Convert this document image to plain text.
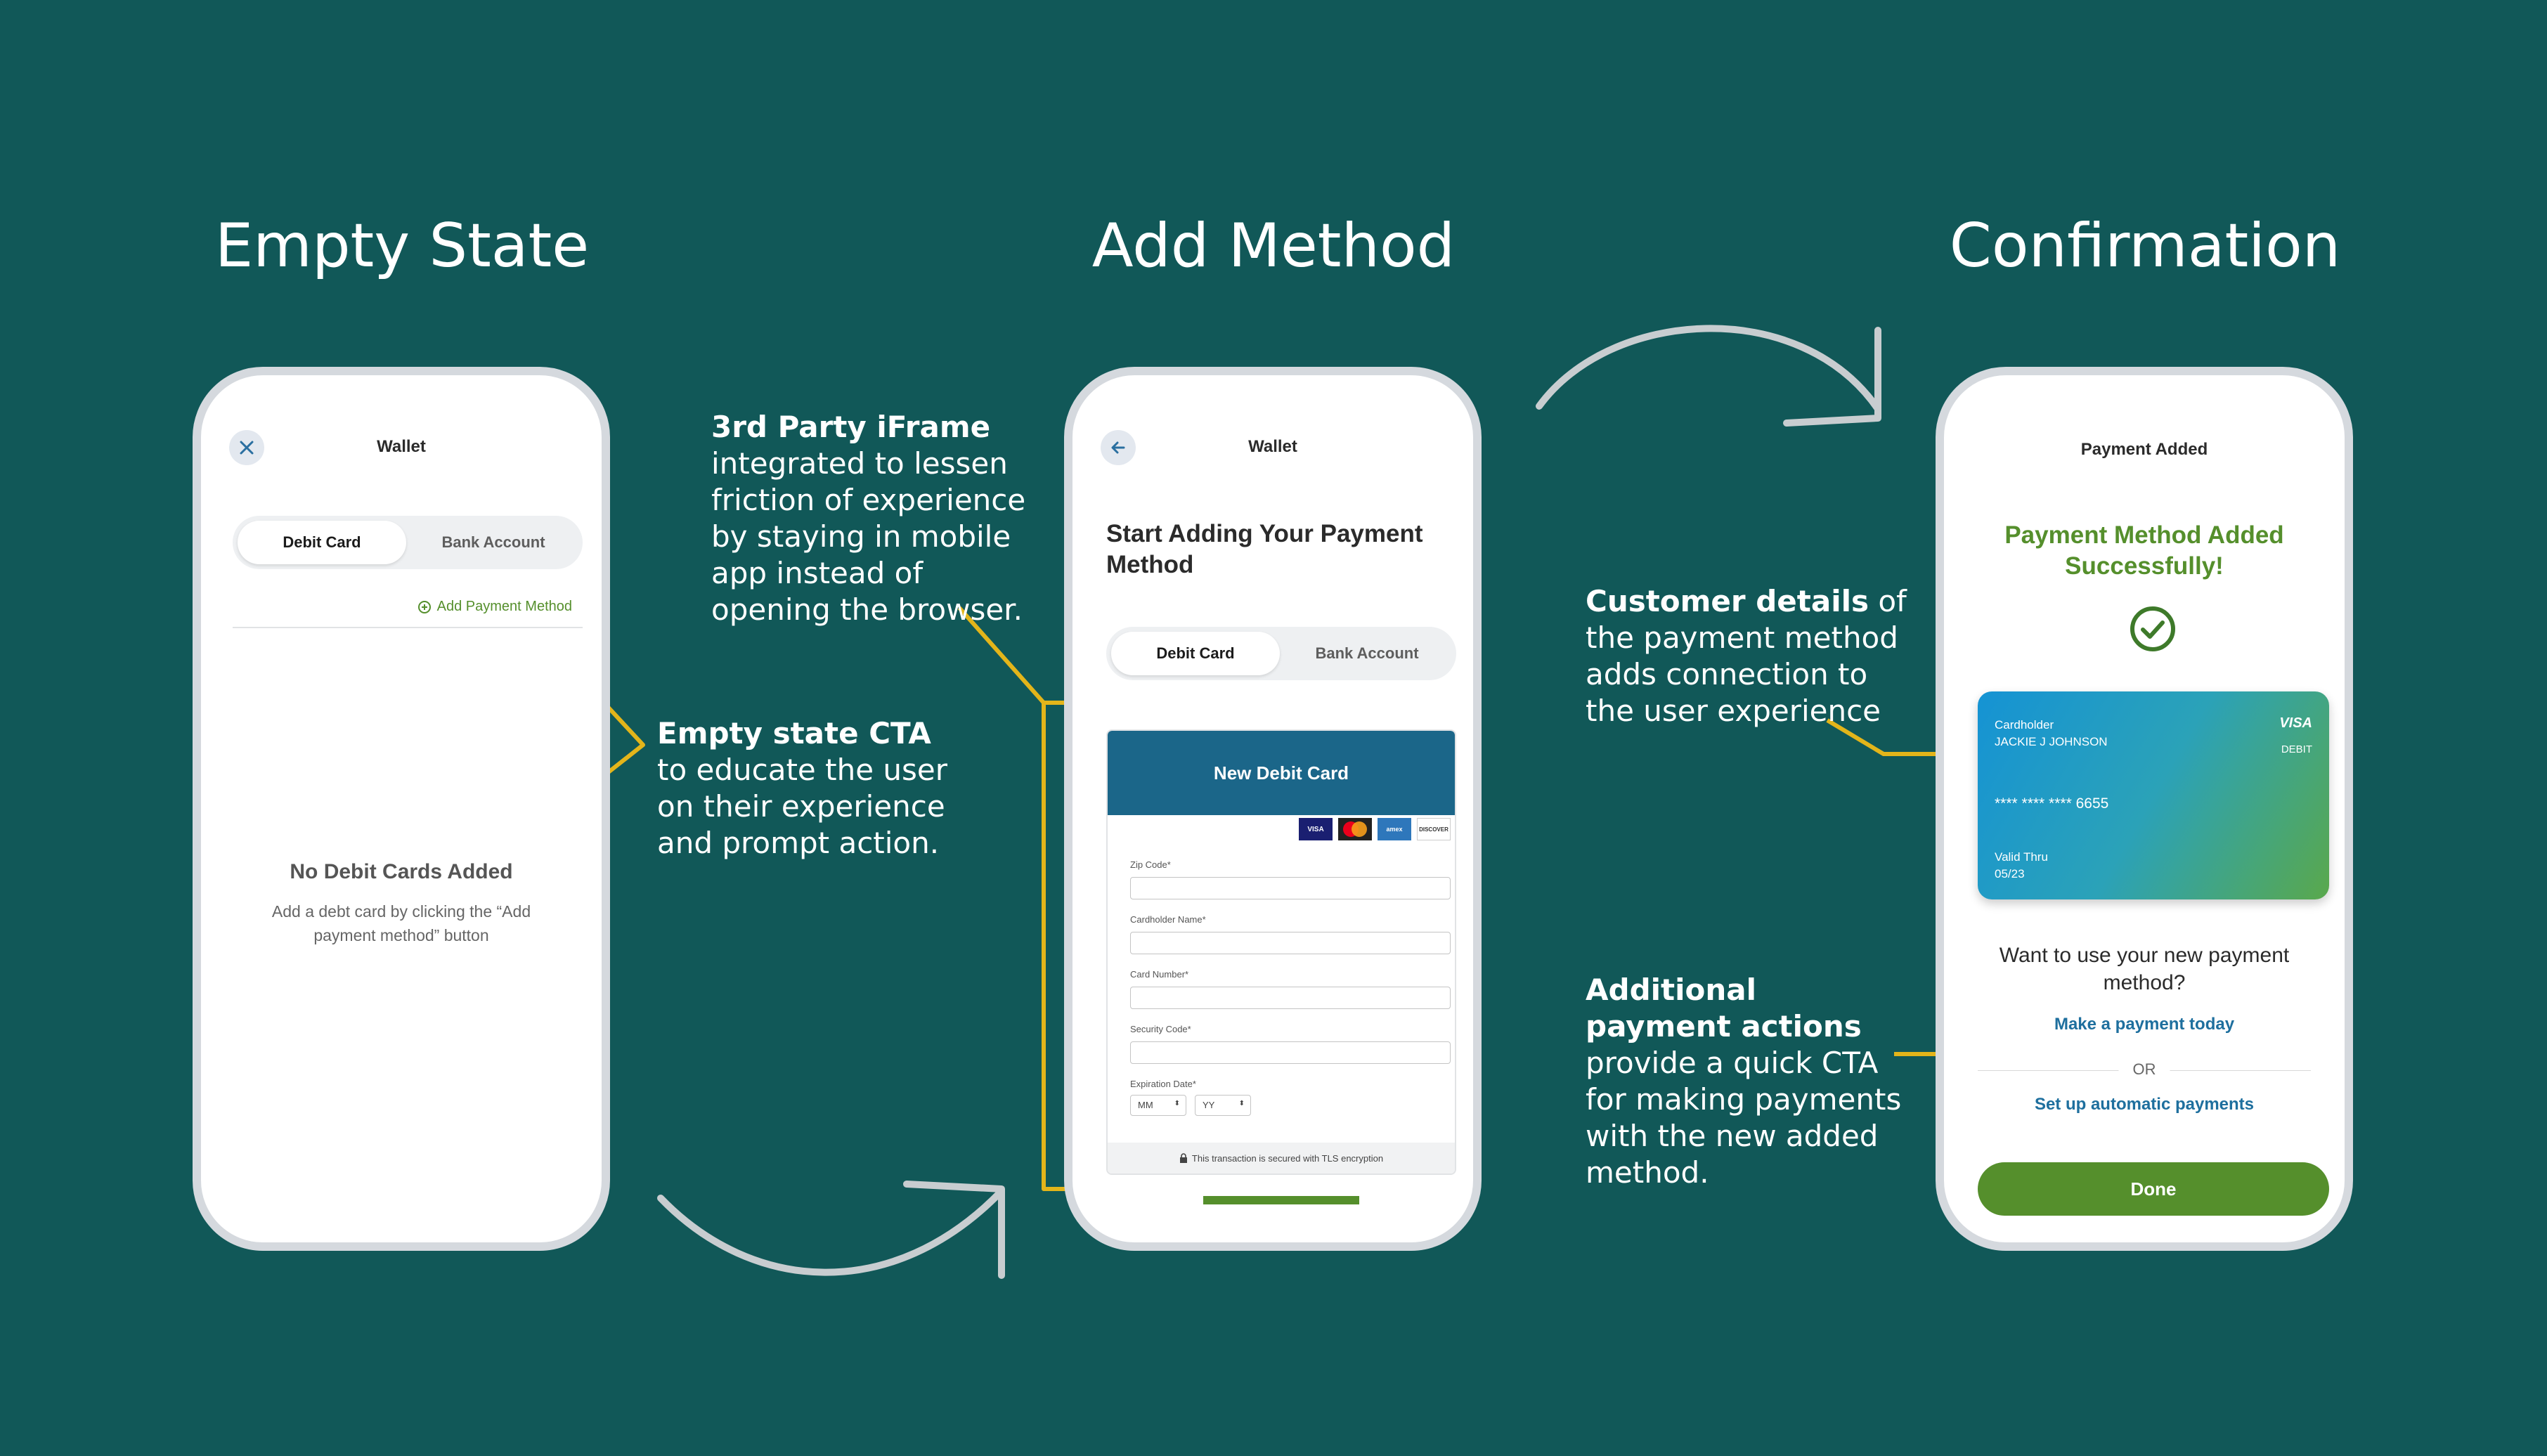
Empty State	Add Method	Confirmation
3rd Party iFrame
integrated to lessen friction of experience by staying in mobile app instead of opening the browser.
Empty state CTA to educate the user on their experience and prompt action.
Customer details of the payment method adds connection to the user experience
Additional payment actions provide a quick CTA for making payments with the new added method.
Wallet
Debit Card	Bank Account
Add Payment Method
No Debit Cards Added
Add a debt card by clicking the “Add payment method” button
Wallet
Start Adding Your Payment Method
Debit Card	Bank Account
New Debit Card
VISA	amex	DISCOVER
Zip Code*
Cardholder Name*
Card Number*
Security Code*
Expiration Date*
MM	⬍	YY	⬍
This transaction is secured with TLS encryption
Payment Added
Payment Method Added Successfully!
Cardholder
JACKIE J JOHNSON
VISA
DEBIT
**** **** **** 6655
Valid Thru
05/23
Want to use your new payment method?
Make a payment today
OR
Set up automatic payments
Done
